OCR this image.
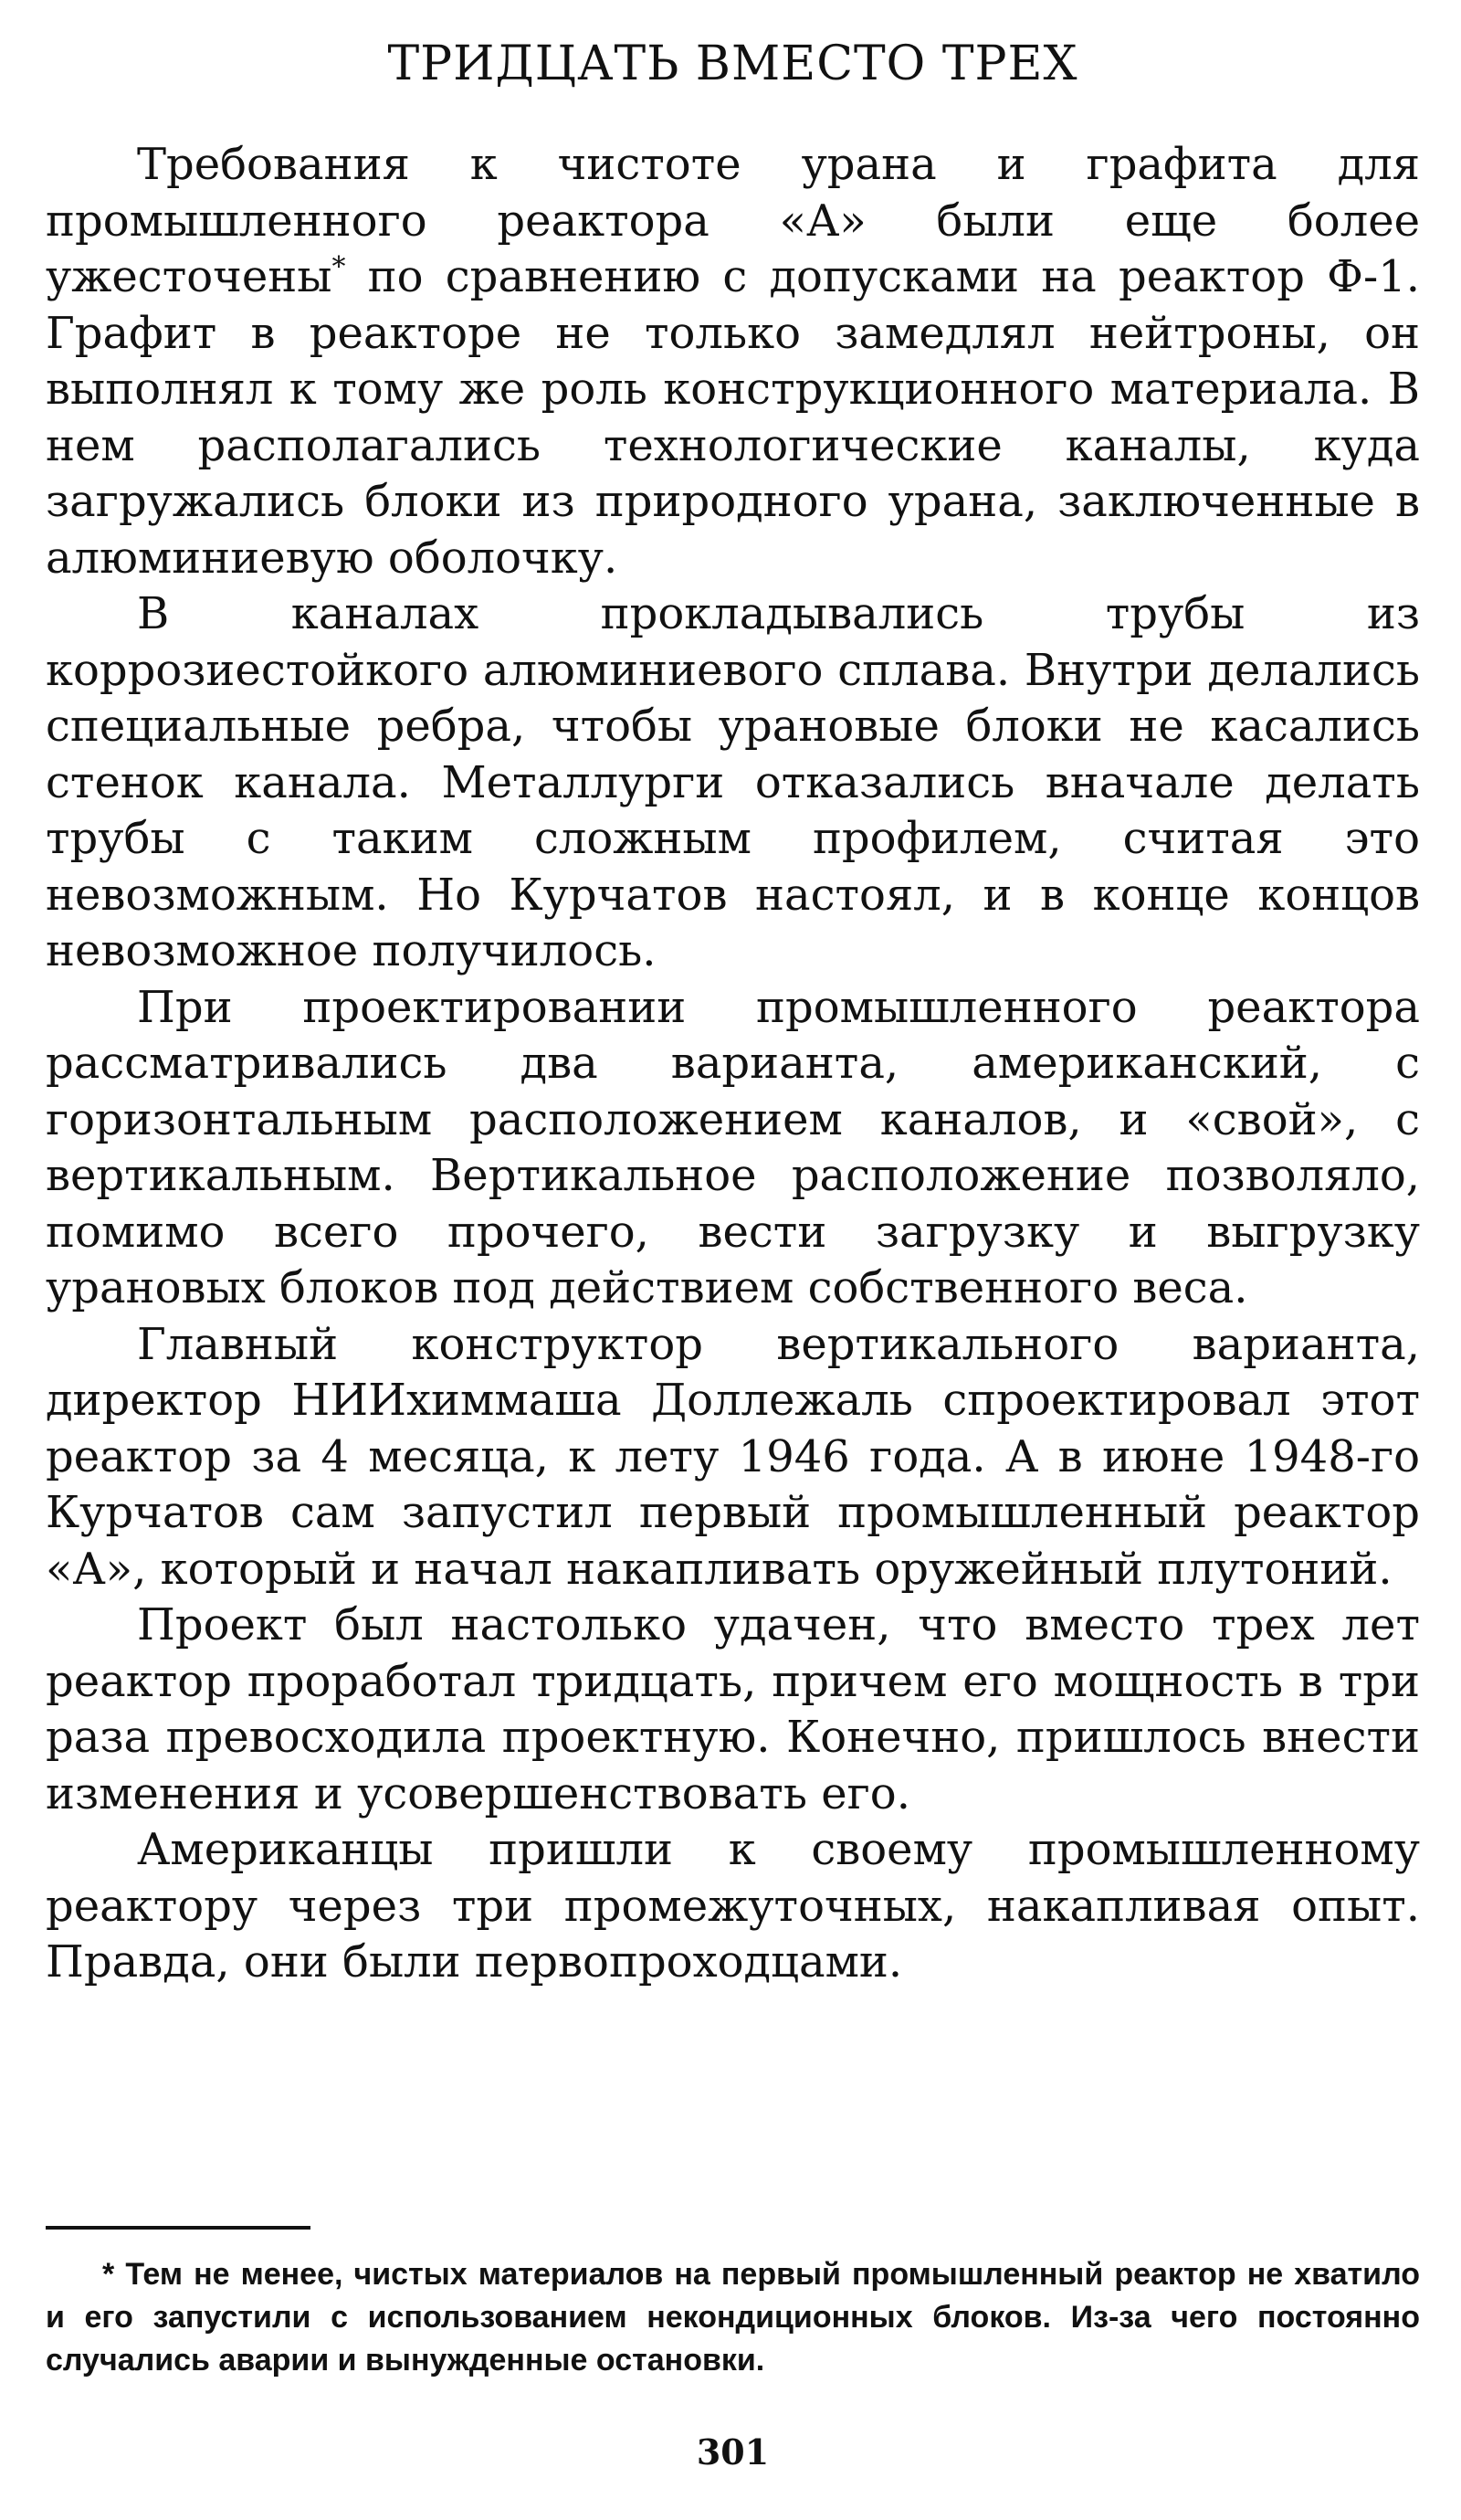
ТРИДЦАТЬ ВМЕСТО ТРЕХ

Требования к чистоте урана и графита для промышленного реактора «А» были еще более ужесточены* по сравнению с допусками на реактор Ф-1. Графит в реакторе не только замедлял нейтроны, он выполнял к тому же роль конструкционного материала. В нем располагались технологические каналы, куда загружались блоки из природного урана, заключенные в алюминиевую оболочку.

В каналах прокладывались трубы из коррозиестойкого алюминиевого сплава. Внутри делались специальные ребра, чтобы урановые блоки не касались стенок канала. Металлурги отказались вначале делать трубы с таким сложным профилем, считая это невозможным. Но Курчатов настоял, и в конце концов невозможное получилось.

При проектировании промышленного реактора рассматривались два варианта, американский, с горизонтальным расположением каналов, и «свой», с вертикальным. Вертикальное расположение позволяло, помимо всего прочего, вести загрузку и выгрузку урановых блоков под действием собственного веса.

Главный конструктор вертикального варианта, директор НИИхиммаша Доллежаль спроектировал этот реактор за 4 месяца, к лету 1946 года. А в июне 1948-го Курчатов сам запустил первый промышленный реактор «А», который и начал накапливать оружейный плутоний.

Проект был настолько удачен, что вместо трех лет реактор проработал тридцать, причем его мощность в три раза превосходила проектную. Конечно, пришлось внести изменения и усовершенствовать его.

Американцы пришли к своему промышленному реактору через три промежуточных, накапливая опыт. Правда, они были первопроходцами.

* Тем не менее, чистых материалов на первый промышленный реактор не хватило и его запустили с использованием некондиционных блоков. Из-за чего постоянно случались аварии и вынужденные остановки.

301
